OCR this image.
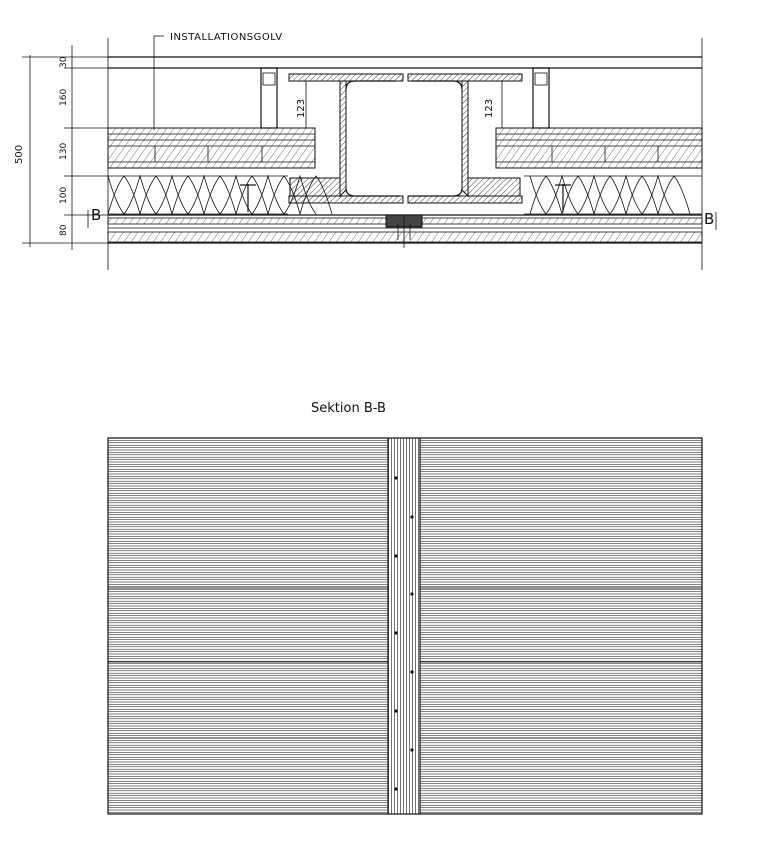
INSTALLATIONSGOLV
123	123
B	B
500
30
160
130
100
80
Sektion B-B
